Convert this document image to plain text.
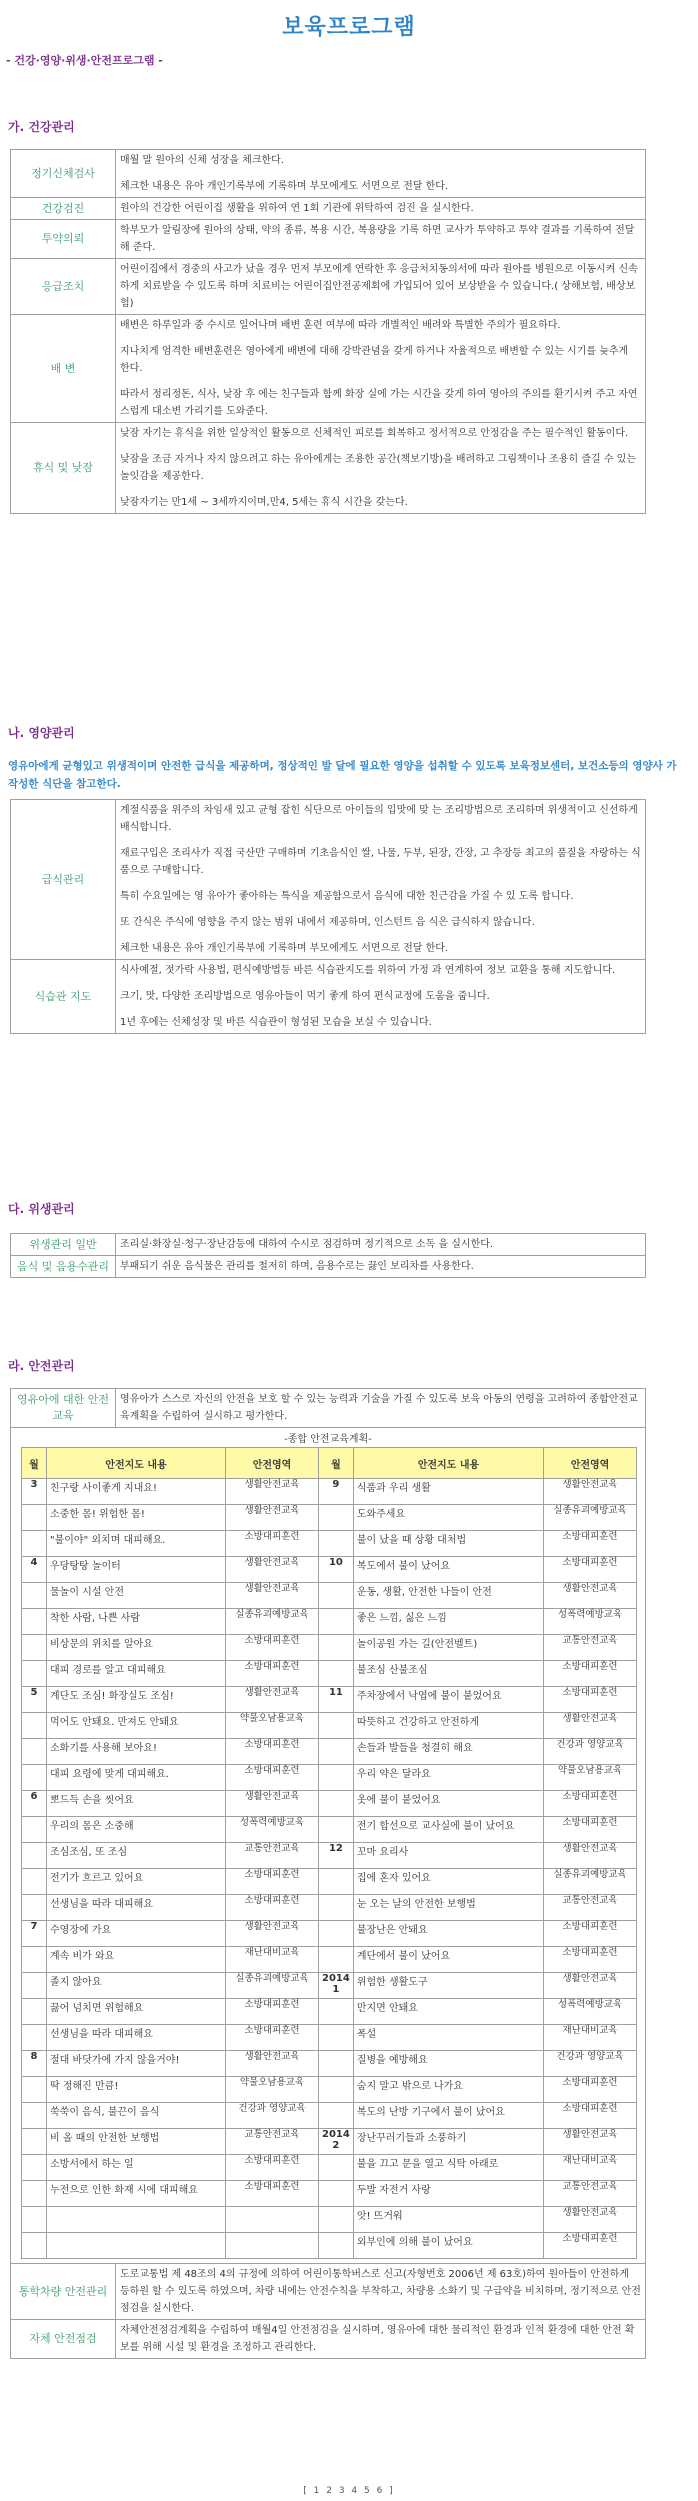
보육프로그램
- 건강·영양·위생·안전프로그램 -
가. 건강관리
정기신체검사	매월 말 원아의 신체 성장을 체크한다.

체크한 내용은 유아 개인기록부에 기록하며 부모에게도 서면으로 전달 한다.

건강검진	원아의 건강한 어린이집 생활을 위하여 연 1회 기관에 위탁하여 검진 을 실시한다.

투약의뢰	학부모가 알림장에 원아의 상태, 약의 종류, 복용 시간, 복용량을 기록 하면 교사가 투약하고 투약 결과를 기록하여 전달 해 준다.

응급조치	어린이집에서 경중의 사고가 났을 경우 먼저 부모에게 연락한 후 응급처치동의서에 따라 원아를 병원으로 이동시켜 신속하게 치료받을 수 있도록 하며 치료비는 어린이집안전공제회에 가입되어 있어 보상받을 수 있습니다.( 상해보험, 배상보험)

배 변	배변은 하루일과 중 수시로 일어나며 배변 훈련 여부에 따라 개별적인 배려와 특별한 주의가 필요하다.

지나치게 엄격한 배변훈련은 영아에게 배변에 대해 강박관념을 갖게 하거나 자율적으로 배변할 수 있는 시기를 늦추게 한다.

따라서 정리정돈, 식사, 낮잠 후 에는 친구들과 함께 화장 실에 가는 시간을 갖게 하여 영아의 주의를 환기시켜 주고 자연스럽게 대소변 가리기를 도와준다.

휴식 및 낮잠	낮잠 자기는 휴식을 위한 일상적인 활동으로 신체적인 피로를 회복하고 정서적으로 안정감을 주는 필수적인 활동이다.

낮잠을 조금 자거나 자지 않으려고 하는 유아에게는 조용한 공간(책보기방)을 배려하고 그림책이나 조용히 즐길 수 있는 놀잇감을 제공한다.

낮잠자기는 만1세 ~ 3세까지이며,만4, 5세는 휴식 시간을 갖는다.

나. 영양관리
영유아에게 균형있고 위생적이며 안전한 급식을 제공하며, 정상적인 발 달에 필요한 영양을 섭취할 수 있도록 보육정보센터, 보건소등의 영양사 가 작성한 식단을 참고한다.
급식관리	계절식품을 위주의 차임새 있고 균형 잡힌 식단으로 아이들의 입맛에 맞 는 조리방법으로 조리하며 위생적이고 신선하게 배식합니다.

재료구입은 조리사가 직접 국산만 구매하며 기초음식인 쌀, 나물, 두부, 된장, 간장, 고 추장등 최고의 품질을 자랑하는 식품으로 구매합니다.

특히 수요일에는 영 유아가 좋아하는 특식을 제공함으로서 음식에 대한 친근감을 가질 수 있 도록 합니다.

또 간식은 주식에 영향을 주지 않는 범위 내에서 제공하며, 인스턴트 음 식은 급식하지 않습니다.

체크한 내용은 유아 개인기록부에 기록하며 부모에게도 서면으로 전달 한다.

식습관 지도	식사예절, 젓가락 사용법, 편식예방법등 바른 식습관지도를 위하여 가정 과 연계하여 정보 교환을 통해 지도합니다.

크기, 맛, 다양한 조리방법으로 영유아들이 먹기 좋게 하여 편식교정에 도움을 줍니다.

1년 후에는 신체성장 및 바른 식습관이 형성된 모습을 보실 수 있습니다.

다. 위생관리
위생관리 일반	조리실·화장실·청구·장난감등에 대하여 수시로 점검하며 정기적으로 소독 을 실시한다.

음식 및 음용수관리	부패되기 쉬운 음식물은 관리를 철저히 하며, 음용수로는 끓인 보리차를 사용한다.

라. 안전관리
영유아에 대한 안전교육	영유아가 스스로 자신의 안전을 보호 할 수 있는 능력과 기술을 가질 수 있도록 보육 아동의 연령을 고려하여 종합안전교육계획을 수립하여 실시하고 평가한다.

-종합 안전교육계획-
월	안전지도 내용	안전영역	월	안전지도 내용	안전영역
3	친구랑 사이좋게 지내요!	생활안전교육	9	식품과 우리 생활	생활안전교육
	소중한 몸! 위험한 몸!	생활안전교육		도와주세요	실종유괴예방교육
	"불이야" 외치며 대피해요.	소방대피훈련		불이 났을 때 상황 대처법	소방대피훈련
4	우당탕탕 놀이터	생활안전교육	10	복도에서 불이 났어요	소방대피훈련
	물놀이 시설 안전	생활안전교육		운동, 생활, 안전한 나들이 안전	생활안전교육
	착한 사람, 나쁜 사람	실종유괴예방교육		좋은 느낌, 싫은 느낌	성폭력예방교육
	비상문의 위치를 알아요	소방대피훈련		놀이공원 가는 길(안전벨트)	교통안전교육
	대피 경로를 알고 대피해요	소방대피훈련		불조심 산불조심	소방대피훈련
5	계단도 조심! 화장실도 조심!	생활안전교육	11	주차장에서 낙엽에 불이 붙었어요	소방대피훈련
	먹어도 안돼요. 만져도 안돼요	약물오남용교육		따뜻하고 건강하고 안전하게	생활안전교육
	소화기를 사용해 보아요!	소방대피훈련		손들과 발들을 청결히 해요	건강과 영양교육
	대피 요령에 맞게 대피해요.	소방대피훈련		우리 약은 달라요	약물오남용교육
6	뽀드득 손을 씻어요	생활안전교육		옷에 불이 붙었어요	소방대피훈련
	우리의 몸은 소중해	성폭력예방교육		전기 합선으로 교사실에 불이 났어요	소방대피훈련
	조심조심, 또 조심	교통안전교육	12	꼬마 요리사	생활안전교육
	전기가 흐르고 있어요	소방대피훈련		집에 혼자 있어요	실종유괴예방교육
	선생님을 따라 대피해요	소방대피훈련		눈 오는 날의 안전한 보행법	교통안전교육
7	수영장에 가요	생활안전교육		불장난은 안돼요	소방대피훈련
	계속 비가 와요	재난대비교육		계단에서 불이 났어요	소방대피훈련
	졸지 않아요	실종유괴예방교육	2014 1	위험한 생활도구	생활안전교육
	끓어 넘치면 위험해요	소방대피훈련		만지면 안돼요	성폭력예방교육
	선생님을 따라 대피해요	소방대피훈련		폭설	재난대비교육
8	절대 바닷가에 가지 않을거야!	생활안전교육		질병을 예방해요	건강과 영양교육
	딱 정해진 만큼!	약물오남용교육		숨지 말고 밖으로 나가요	소방대피훈련
	쑥쑥이 음식, 불끈이 음식	건강과 영양교육		복도의 난방 기구에서 불이 났어요	소방대피훈련
	비 올 때의 안전한 보행법	교통안전교육	2014 2	장난꾸러기들과 소풍하기	생활안전교육
	소방서에서 하는 일	소방대피훈련		불을 끄고 문을 열고 식탁 아래로	재난대비교육
	누전으로 인한 화재 시에 대피해요	소방대피훈련		두발 자전거 사랑	교통안전교육
				앗! 뜨거워	생활안전교육
				외부인에 의해 불이 났어요	소방대피훈련

통학차량 안전관리	도로교통법 제 48조의 4의 규정에 의하여 어린이통학버스로 신고(자형번호 2006년 제 63호)하여 원아들이 안전하게 등하원 할 수 있도록 하였으며, 차량 내에는 안전수칙을 부착하고, 차량용 소화기 및 구급약을 비치하며, 정기적으로 안전점검을 실시한다.
자체 안전점검	자체안전점검계획을 수립하여 매월4일 안전점검을 실시하며, 영유아에 대한 물리적인 환경과 인적 환경에 대한 안전 확보를 위해 시설 및 환경을 조정하고 관리한다.
[ 1 2 3 4 5 6 ]
